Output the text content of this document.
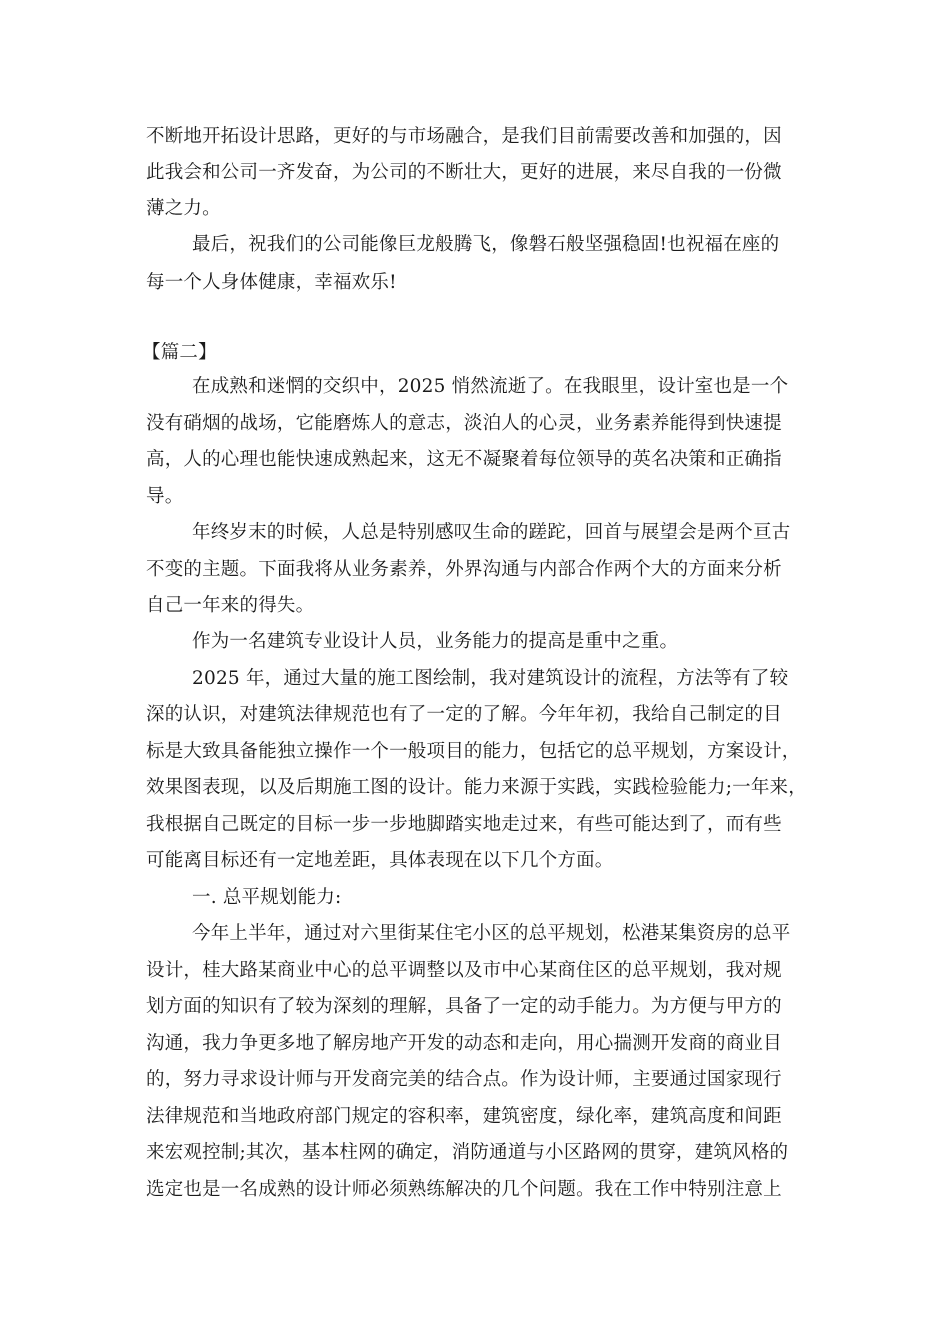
不断地开拓设计思路，更好的与市场融合，是我们目前需要改善和加强的，因

此我会和公司一齐发奋，为公司的不断壮大，更好的进展，来尽自我的一份微

薄之力。

最后，祝我们的公司能像巨龙般腾飞，像磐石般坚强稳固!也祝福在座的

每一个人身体健康，幸福欢乐!

【篇二】

在成熟和迷惘的交织中，2025 悄然流逝了。在我眼里，设计室也是一个

没有硝烟的战场，它能磨炼人的意志，淡泊人的心灵，业务素养能得到快速提

高，人的心理也能快速成熟起来，这无不凝聚着每位领导的英名决策和正确指

导。

年终岁末的时候，人总是特别感叹生命的蹉跎，回首与展望会是两个亘古

不变的主题。下面我将从业务素养，外界沟通与内部合作两个大的方面来分析

自己一年来的得失。

作为一名建筑专业设计人员，业务能力的提高是重中之重。

2025 年，通过大量的施工图绘制，我对建筑设计的流程，方法等有了较

深的认识，对建筑法律规范也有了一定的了解。今年年初，我给自己制定的目

标是大致具备能独立操作一个一般项目的能力，包括它的总平规划，方案设计，

效果图表现，以及后期施工图的设计。能力来源于实践，实践检验能力;一年来，

我根据自己既定的目标一步一步地脚踏实地走过来，有些可能达到了，而有些

可能离目标还有一定地差距，具体表现在以下几个方面。

一. 总平规划能力:

今年上半年，通过对六里街某住宅小区的总平规划，松港某集资房的总平

设计，桂大路某商业中心的总平调整以及市中心某商住区的总平规划，我对规

划方面的知识有了较为深刻的理解，具备了一定的动手能力。为方便与甲方的

沟通，我力争更多地了解房地产开发的动态和走向，用心揣测开发商的商业目

的，努力寻求设计师与开发商完美的结合点。作为设计师，主要通过国家现行

法律规范和当地政府部门规定的容积率，建筑密度，绿化率，建筑高度和间距

来宏观控制;其次，基本柱网的确定，消防通道与小区路网的贯穿，建筑风格的

选定也是一名成熟的设计师必须熟练解决的几个问题。我在工作中特别注意上
